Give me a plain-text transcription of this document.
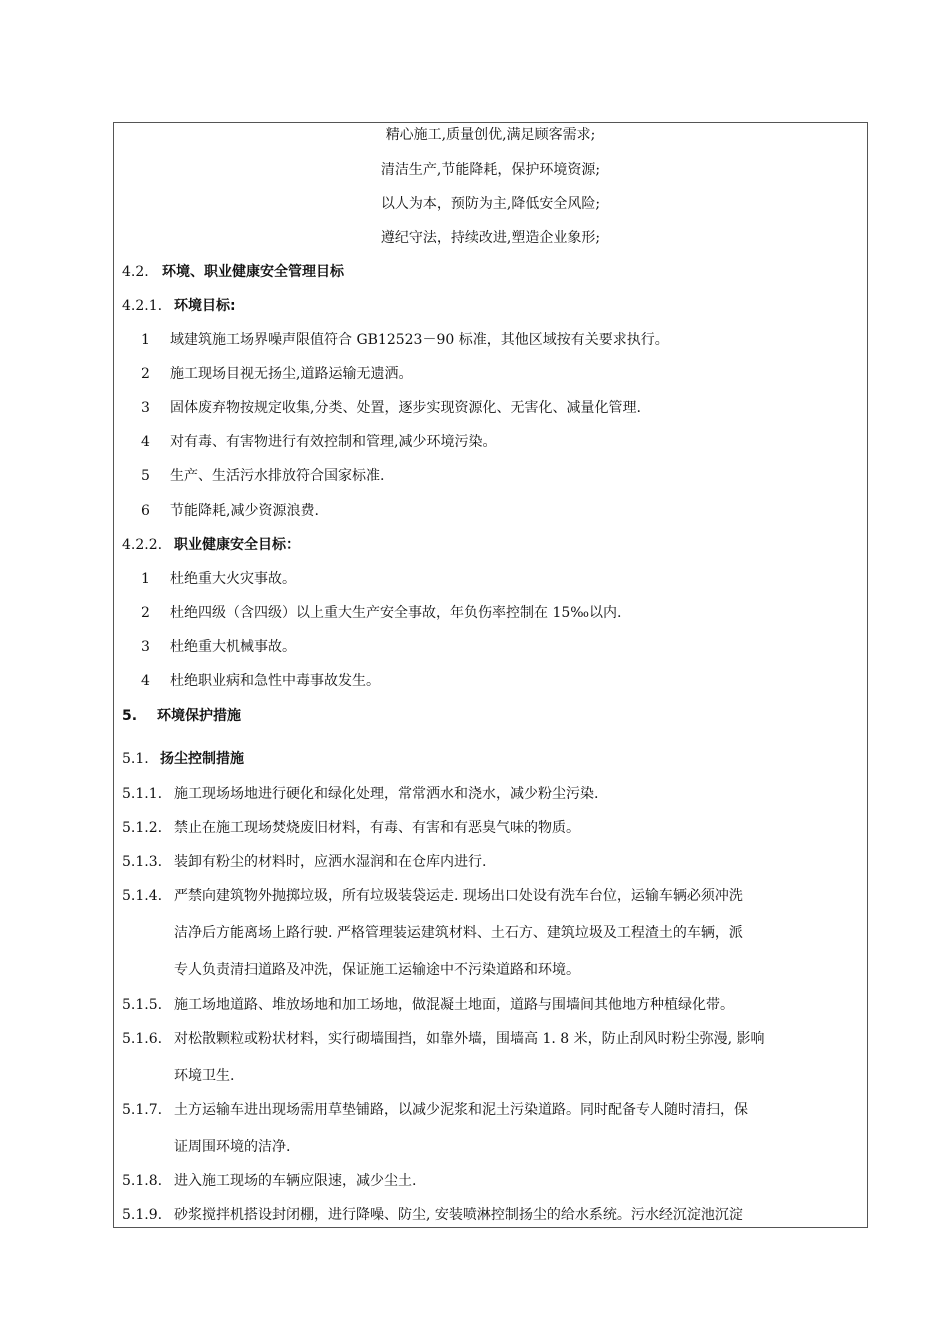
精心施工,质量创优,满足顾客需求;
清洁生产,节能降耗，保护环境资源;
以人为本，预防为主,降低安全风险;
遵纪守法，持续改进,塑造企业象形;
4.2. 环境、职业健康安全管理目标
4.2.1. 环境目标:
1 域建筑施工场界噪声限值符合 GB12523－90 标准，其他区域按有关要求执行。
2 施工现场目视无扬尘,道路运输无遗洒。
3 固体废弃物按规定收集,分类、处置，逐步实现资源化、无害化、减量化管理.
4 对有毒、有害物进行有效控制和管理,减少环境污染。
5 生产、生活污水排放符合国家标准.
6 节能降耗,减少资源浪费.
4.2.2. 职业健康安全目标：
1 杜绝重大火灾事故。
2 杜绝四级（含四级）以上重大生产安全事故，年负伤率控制在 15‰以内.
3 杜绝重大机械事故。
4 杜绝职业病和急性中毒事故发生。
5. 环境保护措施
5.1. 扬尘控制措施
5.1.1. 施工现场场地进行硬化和绿化处理，常常洒水和浇水，减少粉尘污染.
5.1.2. 禁止在施工现场焚烧废旧材料，有毒、有害和有恶臭气味的物质。
5.1.3. 装卸有粉尘的材料时，应洒水湿润和在仓库内进行.
5.1.4. 严禁向建筑物外抛掷垃圾，所有垃圾装袋运走. 现场出口处设有洗车台位，运输车辆必须冲洗
洁净后方能离场上路行驶. 严格管理装运建筑材料、土石方、建筑垃圾及工程渣土的车辆，派
专人负责清扫道路及冲洗，保证施工运输途中不污染道路和环境。
5.1.5. 施工场地道路、堆放场地和加工场地，做混凝土地面，道路与围墙间其他地方种植绿化带。
5.1.6. 对松散颗粒或粉状材料，实行砌墙围挡，如靠外墙，围墙高 1. 8 米，防止刮风时粉尘弥漫, 影响
环境卫生.
5.1.7. 土方运输车进出现场需用草垫铺路，以减少泥浆和泥土污染道路。同时配备专人随时清扫，保
证周围环境的洁净.
5.1.8. 进入施工现场的车辆应限速，减少尘土.
5.1.9. 砂浆搅拌机搭设封闭棚，进行降噪、防尘, 安装喷淋控制扬尘的给水系统。污水经沉淀池沉淀
